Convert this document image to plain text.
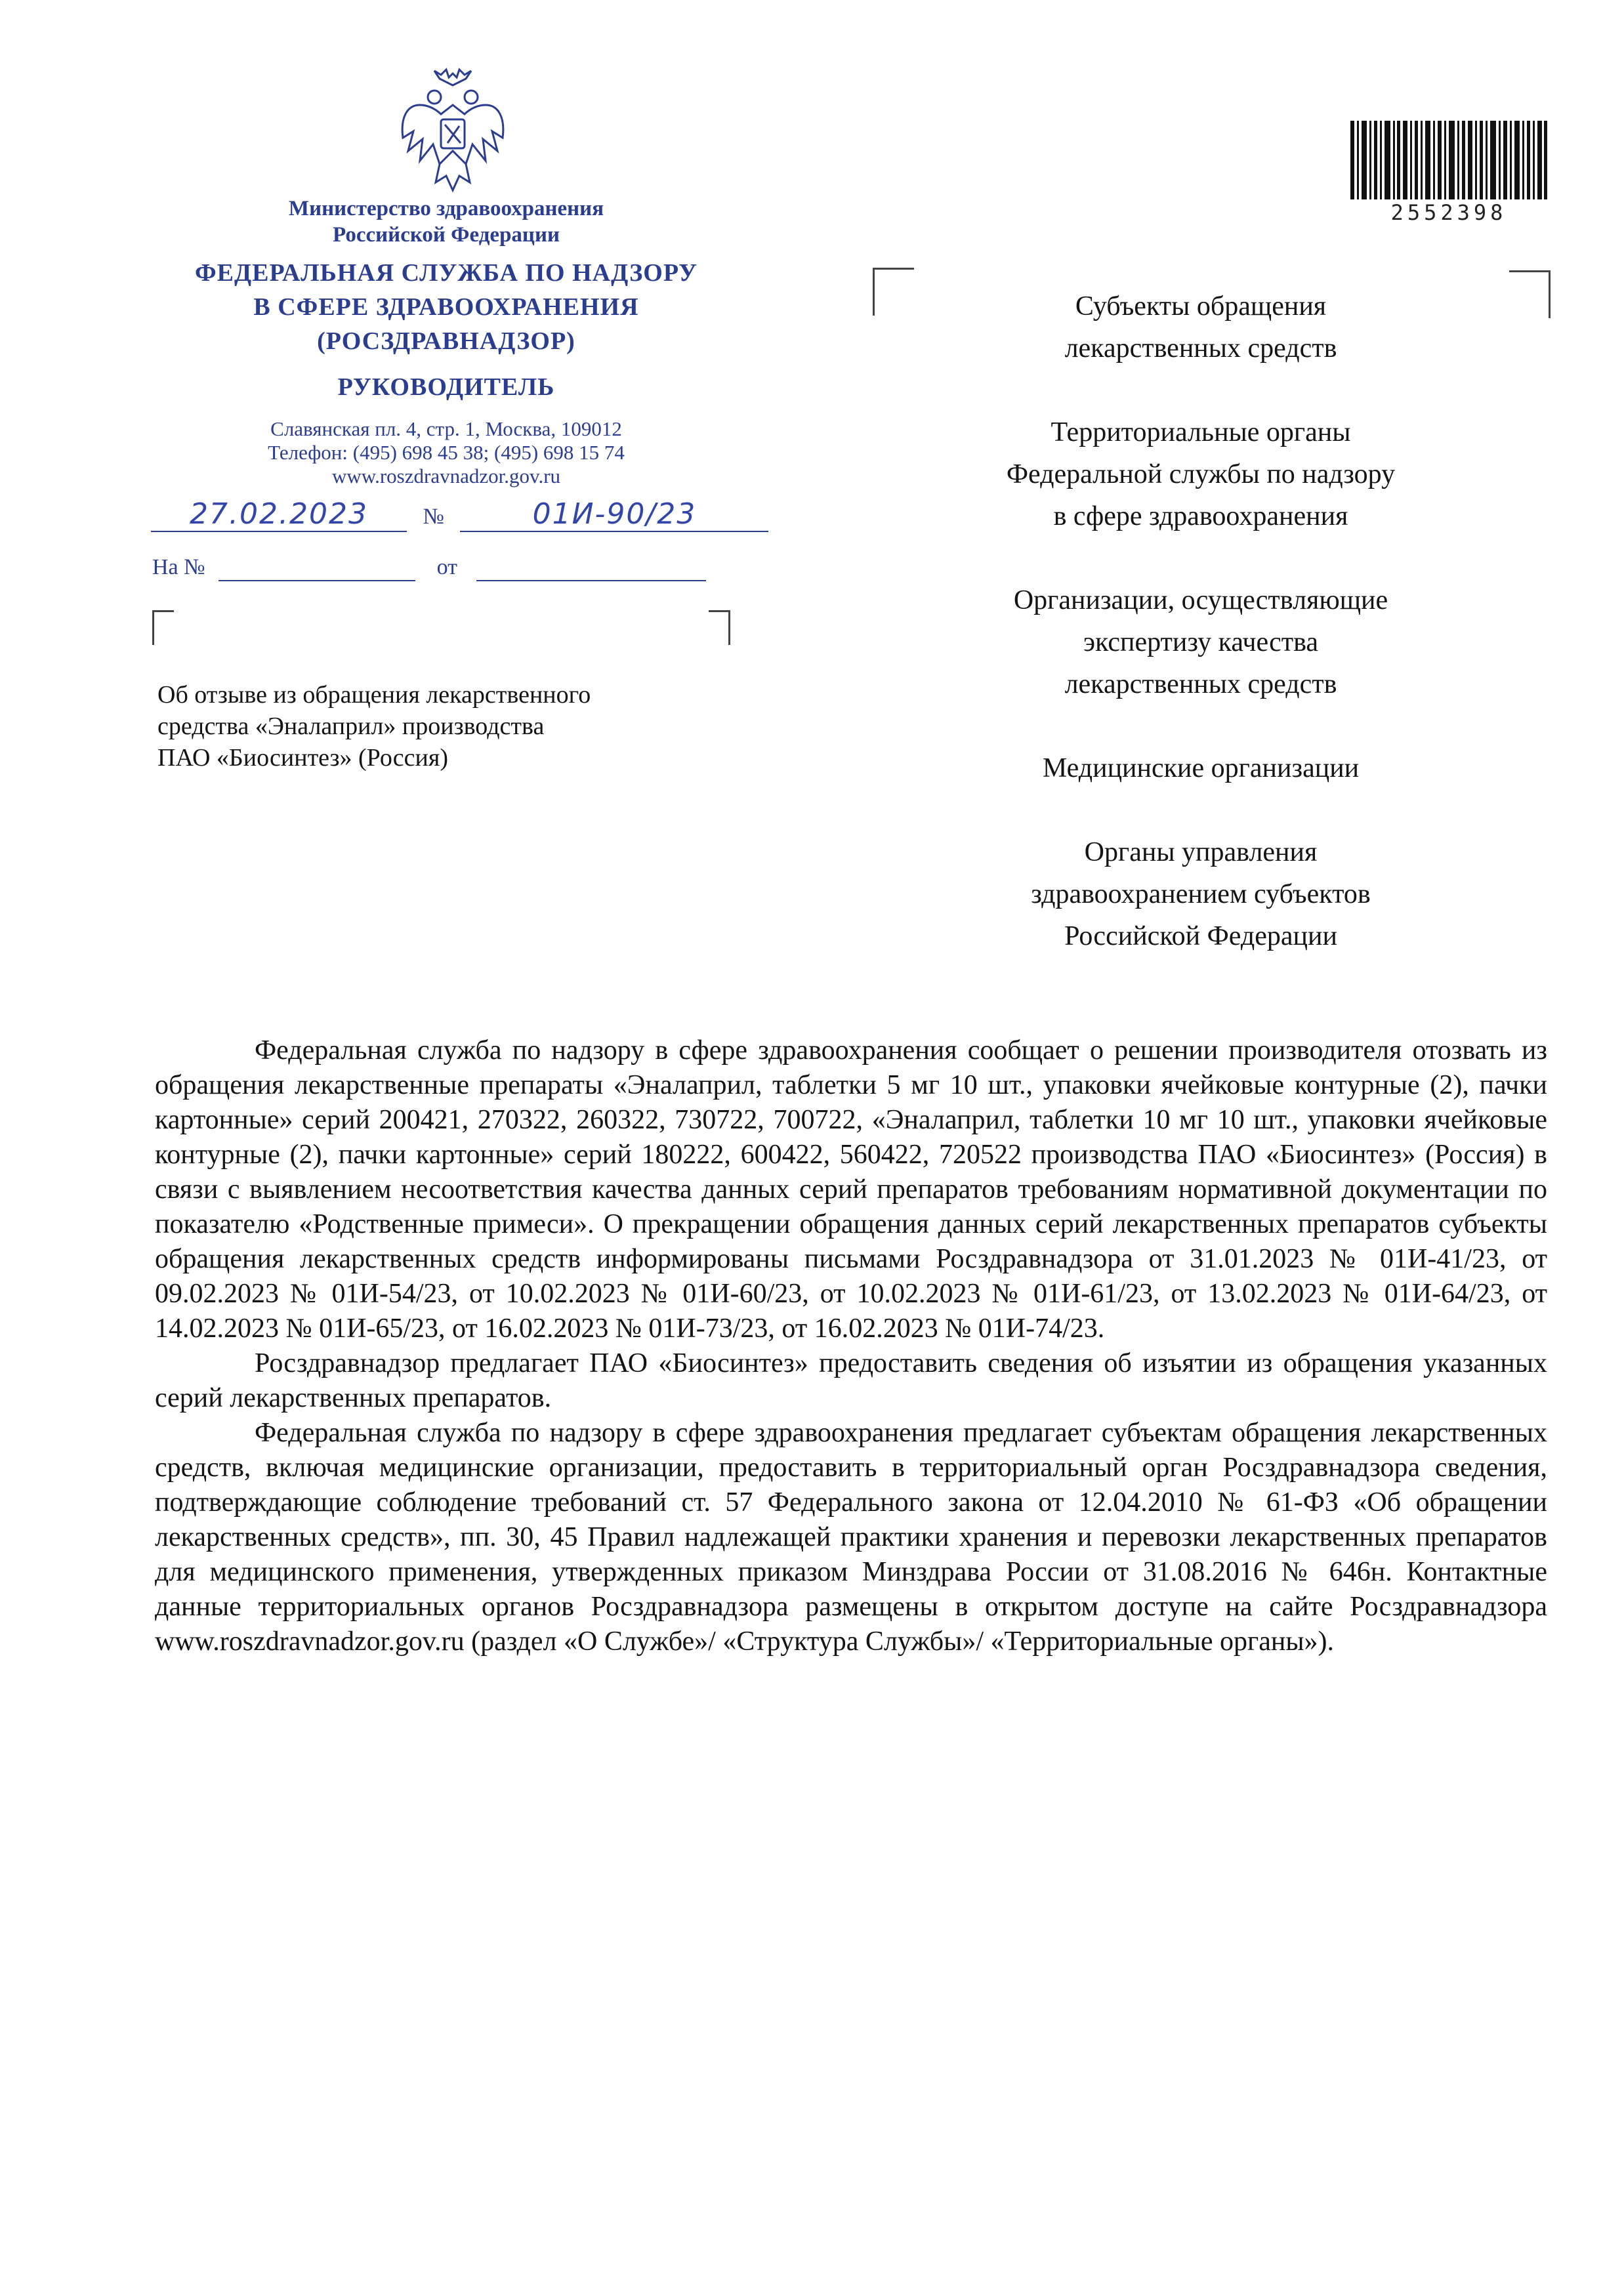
Министерство здравоохранения
Российской Федерации
ФЕДЕРАЛЬНАЯ СЛУЖБА ПО НАДЗОРУ
В СФЕРЕ ЗДРАВООХРАНЕНИЯ
(РОСЗДРАВНАДЗОР)
РУКОВОДИТЕЛЬ
Славянская пл. 4, стр. 1, Москва, 109012
Телефон: (495) 698 45 38; (495) 698 15 74
www.roszdravnadzor.gov.ru
27.02.2023 №	01И-90/23
На №	от
Об отзыве из обращения лекарственного
средства «Эналаприл» производства
ПАО «Биосинтез» (Россия)
2552398

Субъекты обращения
лекарственных средств

Территориальные органы
Федеральной службы по надзору
в сфере здравоохранения

Организации, осуществляющие
экспертизу качества
лекарственных средств

Медицинские организации

Органы управления
здравоохранением субъектов
Российской Федерации

Федеральная служба по надзору в сфере здравоохранения сообщает о решении производителя отозвать из обращения лекарственные препараты «Эналаприл, таблетки 5 мг 10 шт., упаковки ячейковые контурные (2), пачки картонные» серий 200421, 270322, 260322, 730722, 700722, «Эналаприл, таблетки 10 мг 10 шт., упаковки ячейковые контурные (2), пачки картонные» серий 180222, 600422, 560422, 720522 производства ПАО «Биосинтез» (Россия) в связи с выявлением несоответствия качества данных серий препаратов требованиям нормативной документации по показателю «Родственные примеси». О прекращении обращения данных серий лекарственных препаратов субъекты обращения лекарственных средств информированы письмами Росздравнадзора от 31.01.2023 № 01И-41/23, от 09.02.2023 № 01И-54/23, от 10.02.2023 № 01И-60/23, от 10.02.2023 № 01И-61/23, от 13.02.2023 № 01И-64/23, от 14.02.2023 № 01И-65/23, от 16.02.2023 № 01И-73/23, от 16.02.2023 № 01И-74/23.

Росздравнадзор предлагает ПАО «Биосинтез» предоставить сведения об изъятии из обращения указанных серий лекарственных препаратов.

Федеральная служба по надзору в сфере здравоохранения предлагает субъектам обращения лекарственных средств, включая медицинские организации, предоставить в территориальный орган Росздравнадзора сведения, подтверждающие соблюдение требований ст. 57 Федерального закона от 12.04.2010 № 61-ФЗ «Об обращении лекарственных средств», пп. 30, 45 Правил надлежащей практики хранения и перевозки лекарственных препаратов для медицинского применения, утвержденных приказом Минздрава России от 31.08.2016 № 646н. Контактные данные территориальных органов Росздравнадзора размещены в открытом доступе на сайте Росздравнадзора www.roszdravnadzor.gov.ru (раздел «О Службе»/ «Структура Службы»/ «Территориальные органы»).
